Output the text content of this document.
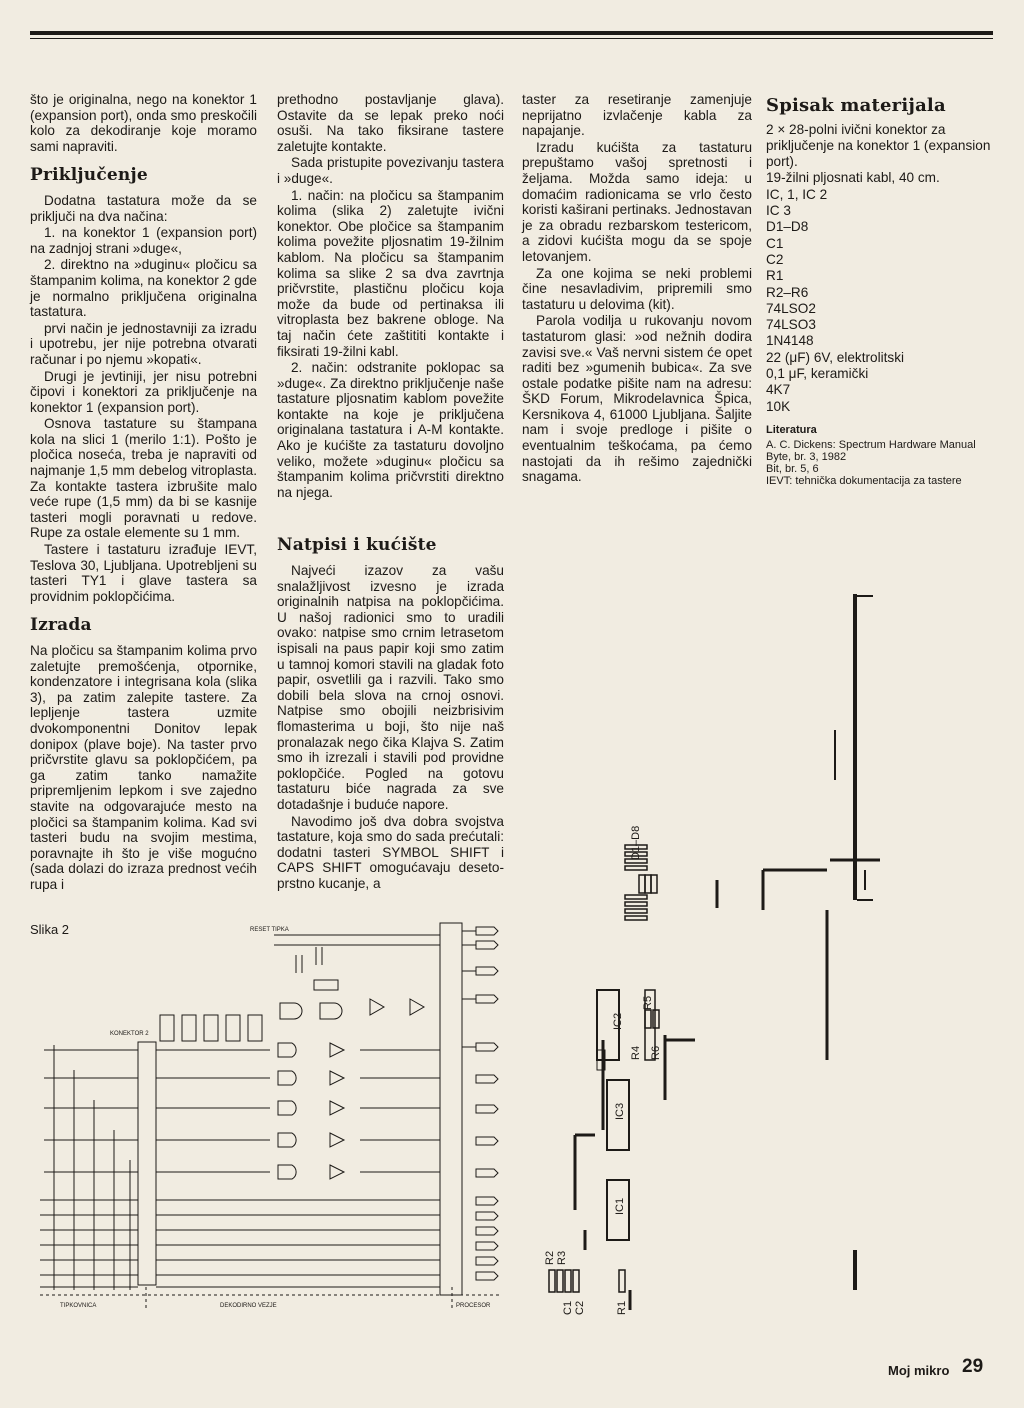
što je originalna, nego na konektor 1 (expansion port), onda smo preskočili kolo za dekodiranje koje moramo sami napraviti.

Priključenje

Dodatna tastatura može da se priključi na dva načina:

1. na konektor 1 (expansion port) na zadnjoj strani »duge«,

2. direktno na »duginu« pločicu sa štampanim kolima, na konektor 2 gde je normalno priključena originalna tastatura.

prvi način je jednostavniji za izradu i upotrebu, jer nije potrebna otvarati računar i po njemu »kopati«.

Drugi je jevtiniji, jer nisu potrebni čipovi i konektori za priključenje na konektor 1 (expansion port).

Osnova tastature su štampana kola na slici 1 (merilo 1:1). Pošto je pločica noseća, treba je napraviti od najmanje 1,5 mm debelog vitroplasta. Za kontakte tastera izbrušite malo veće rupe (1,5 mm) da bi se kasnije tasteri mogli poravnati u redove. Rupe za ostale elemente su 1 mm.

Tastere i tastaturu izrađuje IEVT, Teslova 30, Ljubljana. Upotrebljeni su tasteri TY1 i glave tastera sa providnim poklopčićima.

Izrada

Na pločicu sa štampanim kolima prvo zaletujte premošćenja, otpornike, kondenzatore i integrisana kola (slika 3), pa zatim zalepite tastere. Za lepljenje tastera uzmite dvokomponentni Donitov lepak donipox (plave boje). Na taster prvo pričvrstite glavu sa poklopčićem, pa ga zatim tanko namažite pripremljenim lepkom i sve zajedno stavite na odgovarajuće mesto na pločici sa štampanim kolima. Kad svi tasteri budu na svojim mestima, poravnajte ih što je više mogućno (sada dolazi do izraza prednost većih rupa i

prethodno postavljanje glava). Ostavite da se lepak preko noći osuši. Na tako fiksirane tastere zaletujte kontakte.

Sada pristupite povezivanju tastera i »duge«.

1. način: na pločicu sa štampanim kolima (slika 2) zaletujte ivični konektor. Obe pločice sa štampanim kolima povežite pljosnatim 19-žilnim kablom. Na pločicu sa štampanim kolima sa slike 2 sa dva zavrtnja pričvrstite, plastičnu pločicu koja može da bude od pertinaksa ili vitroplasta bez bakrene obloge. Na taj način ćete zaštititi kontakte i fiksirati 19-žilni kabl.

2. način: odstranite poklopac sa »duge«. Za direktno priključenje naše tastature pljosnatim kablom povežite kontakte na koje je priključena originalana tastatura i A-M kontakte. Ako je kućište za tastaturu dovoljno veliko, možete »duginu« pločicu sa štampanim kolima pričvrstiti direktno na njega.

Natpisi i kućište

Najveći izazov za vašu snalažljivost izvesno je izrada originalnih natpisa na poklopčićima. U našoj radionici smo to uradili ovako: natpise smo crnim letrasetom ispisali na paus papir koji smo zatim u tamnoj komori stavili na gladak foto papir, osvetlili ga i razvili. Tako smo dobili bela slova na crnoj osnovi. Natpise smo obojili neizbrisivim flomasterima u boji, što nije naš pronalazak nego čika Klajva S. Zatim smo ih izrezali i stavili pod providne poklopčiće. Pogled na gotovu tastaturu biće nagrada za sve dotadašnje i buduće napore.

Navodimo još dva dobra svojstva tastature, koja smo do sada prećutali: dodatni tasteri SYMBOL SHIFT i CAPS SHIFT omogućavaju deseto-prstno kucanje, a

taster za resetiranje zamenjuje neprijatno izvlačenje kabla za napajanje.

Izradu kućišta za tastaturu prepuštamo vašoj spretnosti i željama. Možda samo ideja: u domaćim radionicama se vrlo često koristi kaširani pertinaks. Jednostavan je za obradu rezbarskom testericom, a zidovi kućišta mogu da se spoje letovanjem.

Za one kojima se neki problemi čine nesavladivim, pripremili smo tastaturu u delovima (kit).

Parola vodilja u rukovanju novom tastaturom glasi: »od nežnih dodira zavisi sve.« Vaš nervni sistem će opet raditi bez »gumenih bubica«. Za sve ostale podatke pišite nam na adresu: ŠKD Forum, Mikrodelavnica Špica, Kersnikova 4, 61000 Ljubljana. Šaljite nam i svoje predloge i pišite o eventualnim teškoćama, pa ćemo nastojati da ih rešimo zajednički snagama.

Spisak materijala
2 × 28-polni ivični konektor za priključenje na konektor 1 (expansion port).
19-žilni pljosnati kabl, 40 cm.
IC, 1, IC 2
IC 3
D1–D8
C1
C2
R1
R2–R6
74LSO2
74LSO3
1N4148
22 (μF) 6V, elektrolitski
0,1 μF, keramički
4K7
10K
Literatura
A. C. Dickens: Spectrum Hardware Manual
Byte, br. 3, 1982
Bit, br. 5, 6
IEVT: tehnička dokumentacija za tastere
Slika 2	RESET TIPKA
KONEKTOR 2
TIPKOVNICA	DEKODIRNO VEZJE	PROCESOR
D1–D8
R5
IC2
R4 R6
IC3
IC1
R2 R3
C1 C2	R1
Moj mikro 29
